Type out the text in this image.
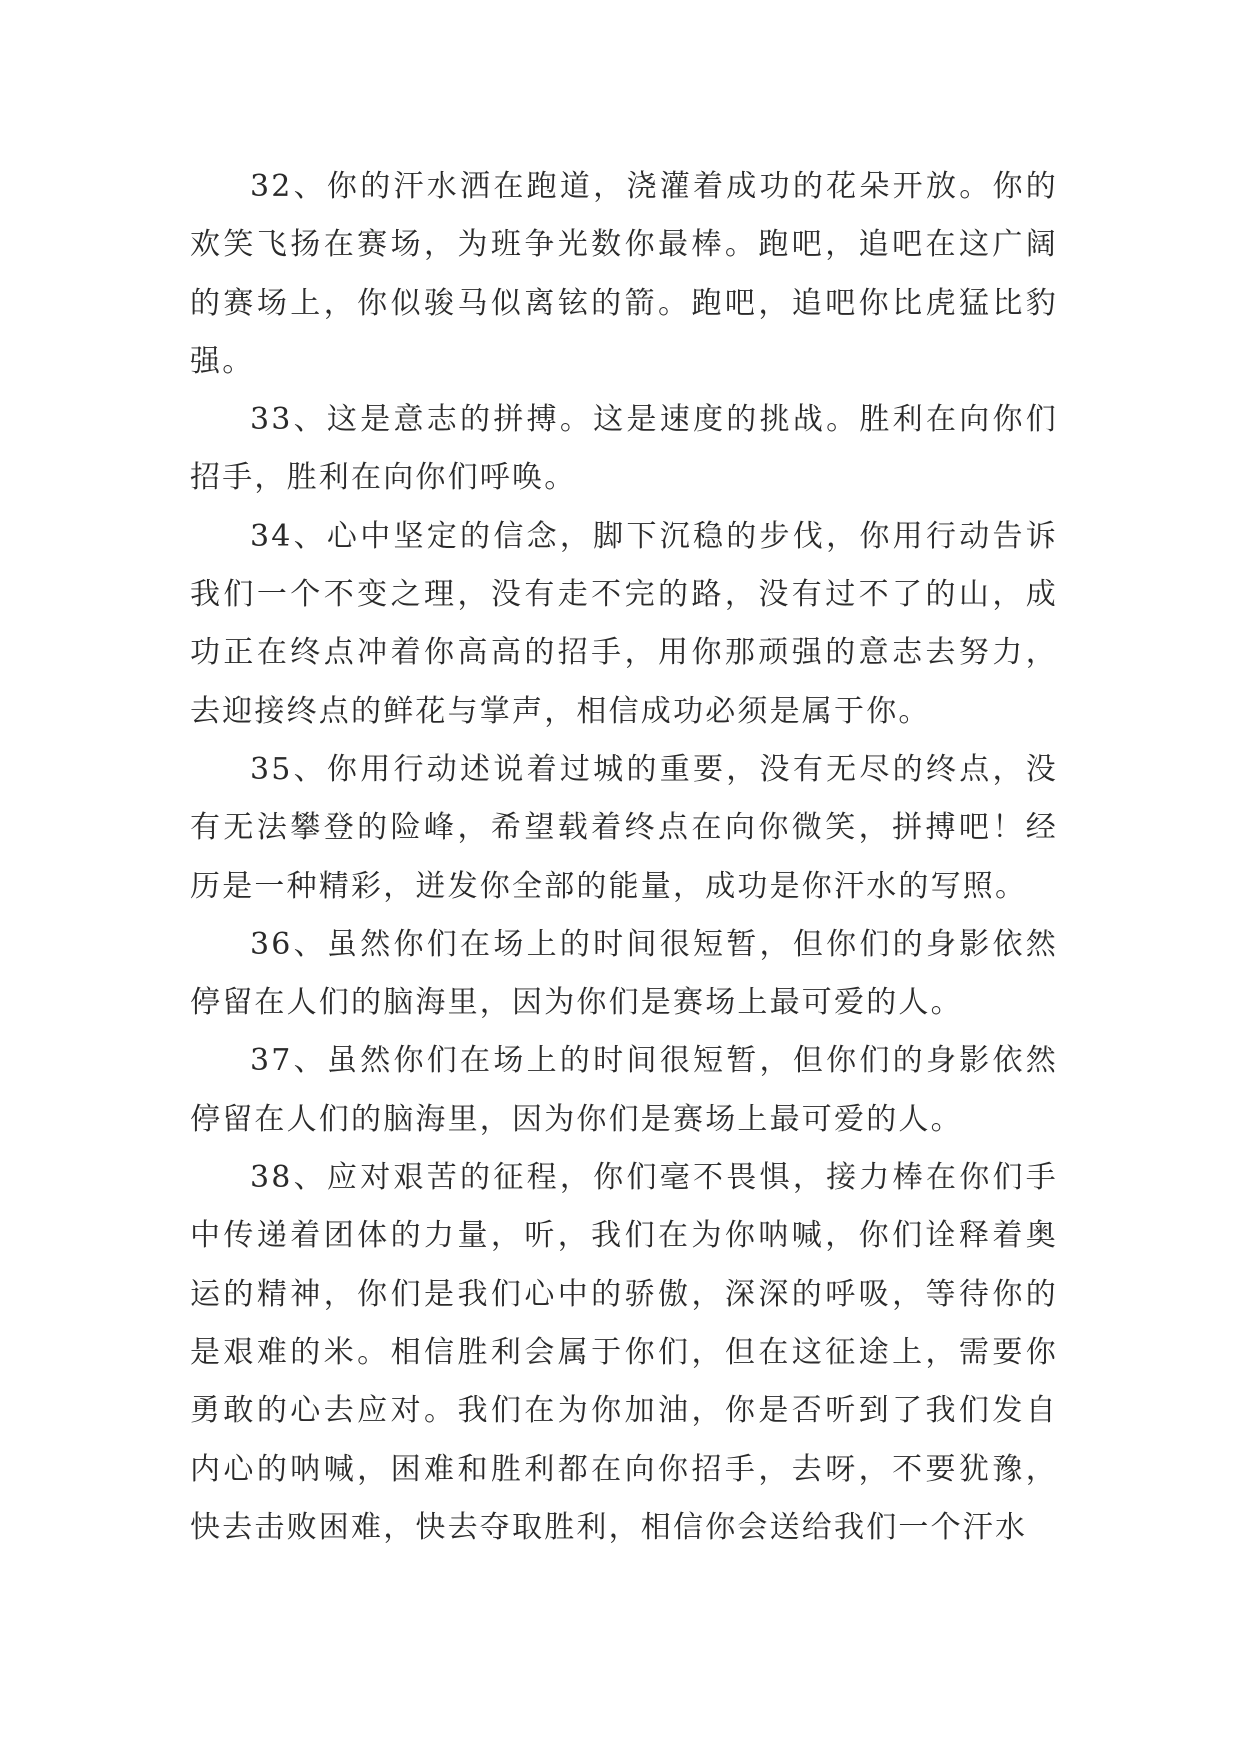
32、你的汗水洒在跑道，浇灌着成功的花朵开放。你的欢笑飞扬在赛场，为班争光数你最棒。跑吧，追吧在这广阔的赛场上，你似骏马似离铉的箭。跑吧，追吧你比虎猛比豹强。

33、这是意志的拼搏。这是速度的挑战。胜利在向你们招手，胜利在向你们呼唤。

34、心中坚定的信念，脚下沉稳的步伐，你用行动告诉我们一个不变之理，没有走不完的路，没有过不了的山，成功正在终点冲着你高高的招手，用你那顽强的意志去努力，去迎接终点的鲜花与掌声，相信成功必须是属于你。

35、你用行动述说着过城的重要，没有无尽的终点，没有无法攀登的险峰，希望载着终点在向你微笑，拼搏吧！经历是一种精彩，迸发你全部的能量，成功是你汗水的写照。

36、虽然你们在场上的时间很短暂，但你们的身影依然停留在人们的脑海里，因为你们是赛场上最可爱的人。

37、虽然你们在场上的时间很短暂，但你们的身影依然停留在人们的脑海里，因为你们是赛场上最可爱的人。

38、应对艰苦的征程，你们毫不畏惧，接力棒在你们手中传递着团体的力量，听，我们在为你呐喊，你们诠释着奥运的精神，你们是我们心中的骄傲，深深的呼吸，等待你的是艰难的米。相信胜利会属于你们，但在这征途上，需要你勇敢的心去应对。我们在为你加油，你是否听到了我们发自内心的呐喊，困难和胜利都在向你招手，去呀，不要犹豫，快去击败困难，快去夺取胜利，相信你会送给我们一个汗水
